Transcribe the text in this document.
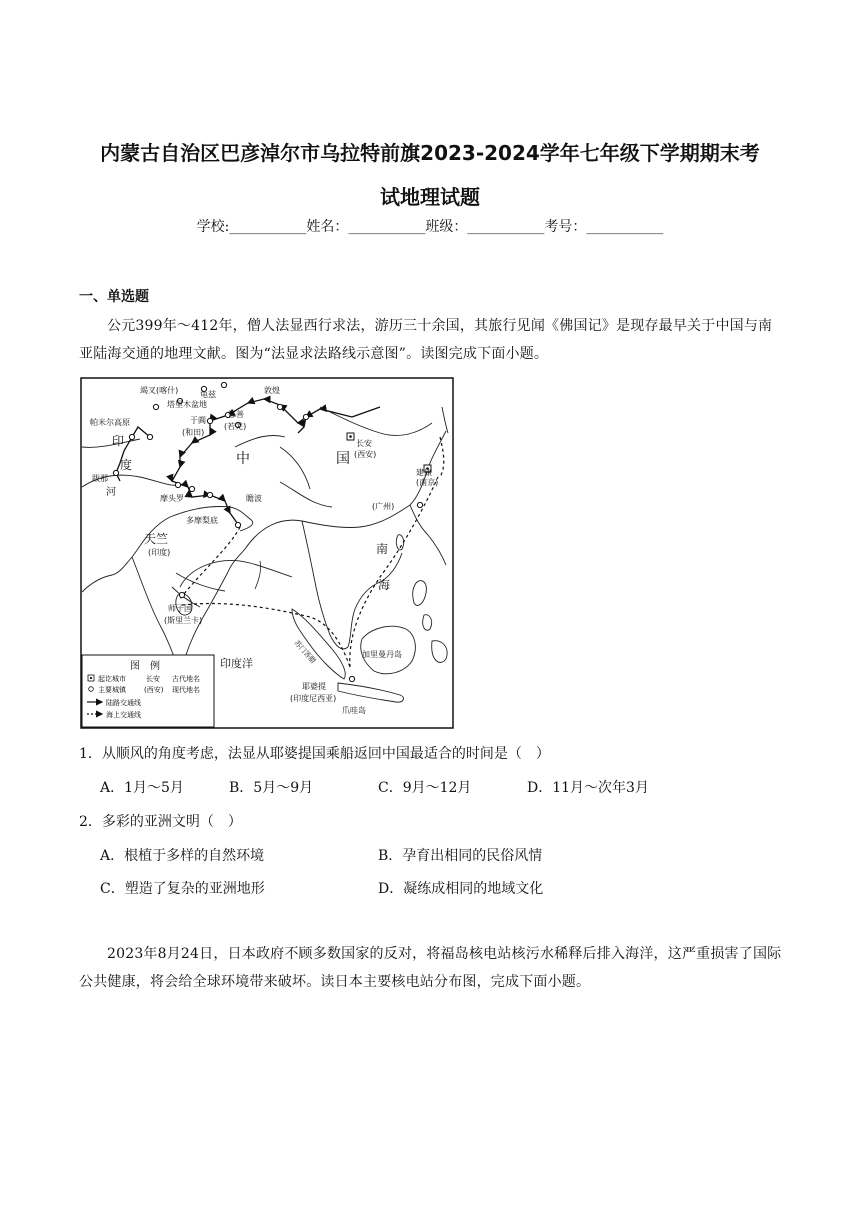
内蒙古自治区巴彦淖尔市乌拉特前旗2023-2024学年七年级下学期期末考
试地理试题
学校:___________姓名：___________班级：___________考号：___________
一、单选题
公元399年～412年，僧人法显西行求法，游历三十余国，其旅行见闻《佛国记》是现存最早关于中国与南亚陆海交通的地理文献。图为“法显求法路线示意图”。读图完成下面小题。
竭叉(喀什)	龟兹
塔里木盆地
帕米尔高原	于阗
(和田)
敦煌
鄯善
(若羌)
长安
(西安)
建康
(南京)
(广州)
跋那
摩头罗	瞻波
多摩梨底
(印度)
师子国
(斯里兰卡)
加里曼丹岛
耶婆提
(印度尼西亚)
爪哇岛
苏门答腊
印
度
河
天竺
中	国
南
海
印度洋
图　例
起讫城市	长安 古代地名
主要城镇	(西安) 现代地名
陆路交通线
海上交通线
1．从顺风的角度考虑，法显从耶婆提国乘船返回中国最适合的时间是（　）
A．1月～5月	B．5月～9月	C．9月～12月	D．11月～次年3月
2．多彩的亚洲文明（　）
A．根植于多样的自然环境	B．孕育出相同的民俗风情
C．塑造了复杂的亚洲地形	D．凝练成相同的地域文化
2023年8月24日，日本政府不顾多数国家的反对，将福岛核电站核污水稀释后排入海洋，这严重损害了国际公共健康，将会给全球环境带来破坏。读日本主要核电站分布图，完成下面小题。
